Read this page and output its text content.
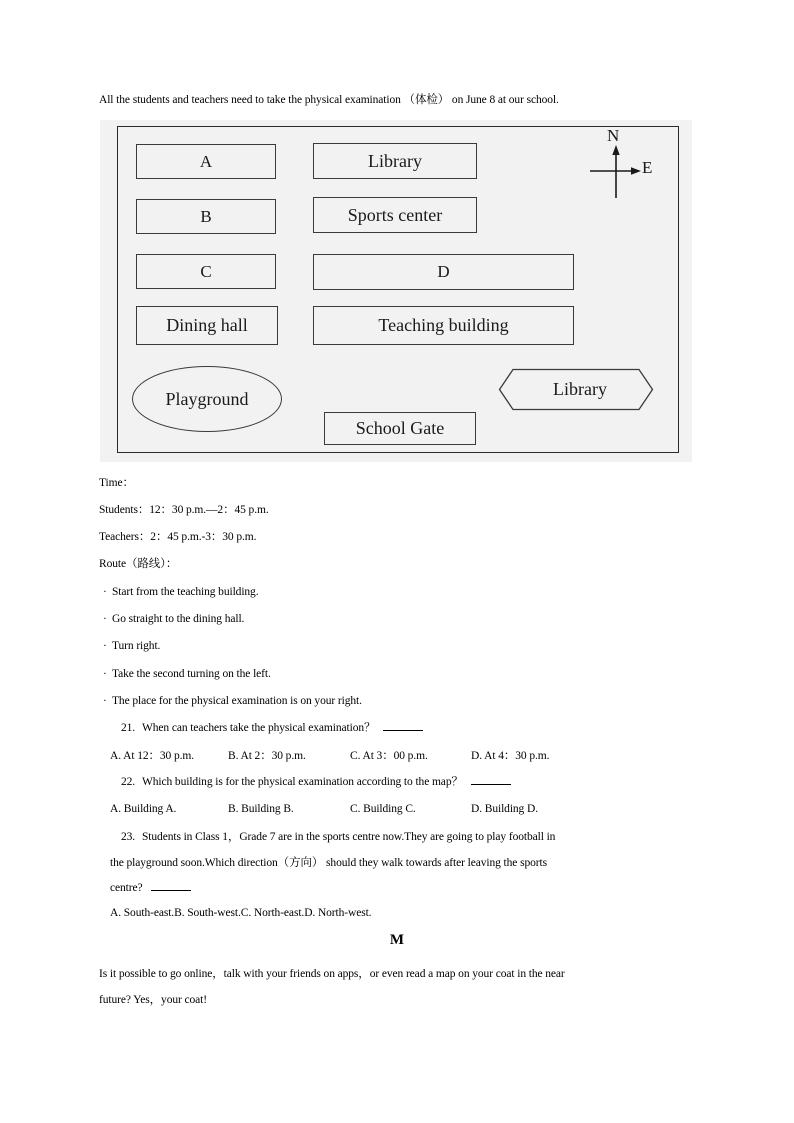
All the students and teachers need to take the physical examination （体检） on June 8 at our school.
A
B
C
Dining hall
Library
Sports center
D
Teaching building
School Gate
Playground	Library
N
E
Time：
Students：12：30 p.m.—2：45 p.m.
Teachers：2：45 p.m.-3：30 p.m.
Route（路线）：
· Start from the teaching building.
· Go straight to the dining hall.
· Turn right.
· Take the second turning on the left.
· The place for the physical examination is on your right.
21. When can teachers take the physical examination？
A. At 12：30 p.m.	B. At 2：30 p.m.	C. At 3：00 p.m.	D. At 4：30 p.m.
22. Which building is for the physical examination according to the map？
A. Building A.	B. Building B.	C. Building C.	D. Building D.
23. Students in Class 1，Grade 7 are in the sports centre now.They are going to play football in
the playground soon.Which direction（方向） should they walk towards after leaving the sports
centre?
A. South-east.B. South-west.C. North-east.D. North-west.
M
Is it possible to go online，talk with your friends on apps，or even read a map on your coat in the near
future? Yes，your coat!
